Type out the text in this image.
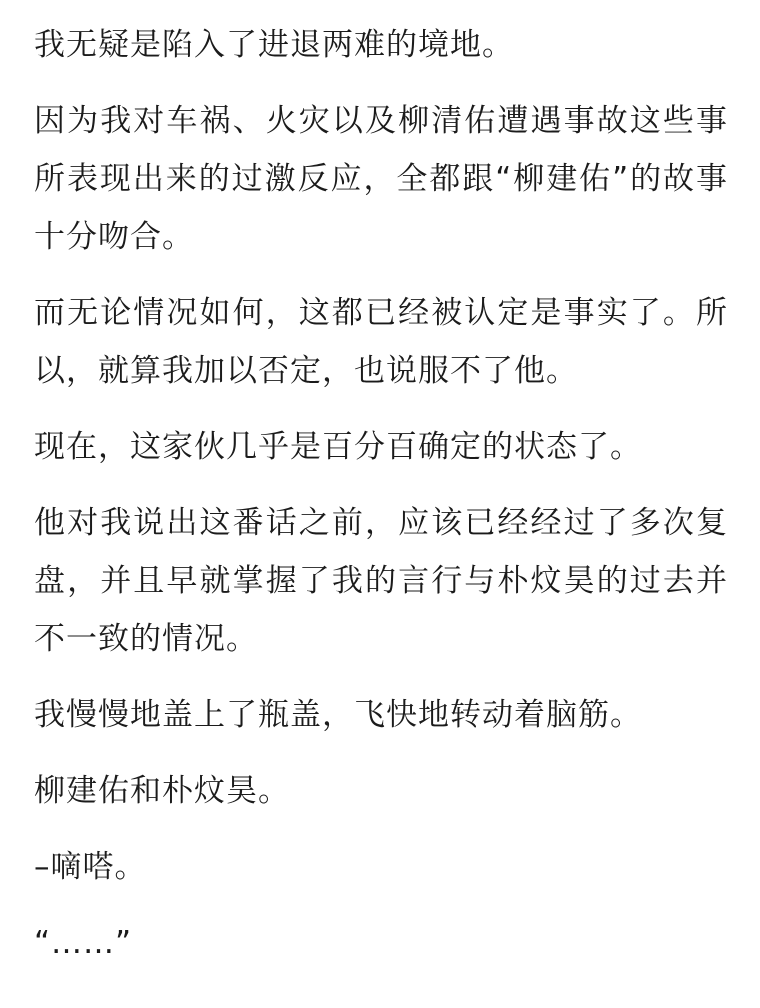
我无疑是陷入了进退两难的境地。

因为我对车祸、火灾以及柳清佑遭遇事故这些事所表现出来的过激反应，全都跟“柳建佑”的故事十分吻合。

而无论情况如何，这都已经被认定是事实了。所以，就算我加以否定，也说服不了他。

现在，这家伙几乎是百分百确定的状态了。

他对我说出这番话之前，应该已经经过了多次复盘，并且早就掌握了我的言行与朴炆昊的过去并不一致的情况。

我慢慢地盖上了瓶盖，飞快地转动着脑筋。

柳建佑和朴炆昊。

–嘀嗒。

“……”
